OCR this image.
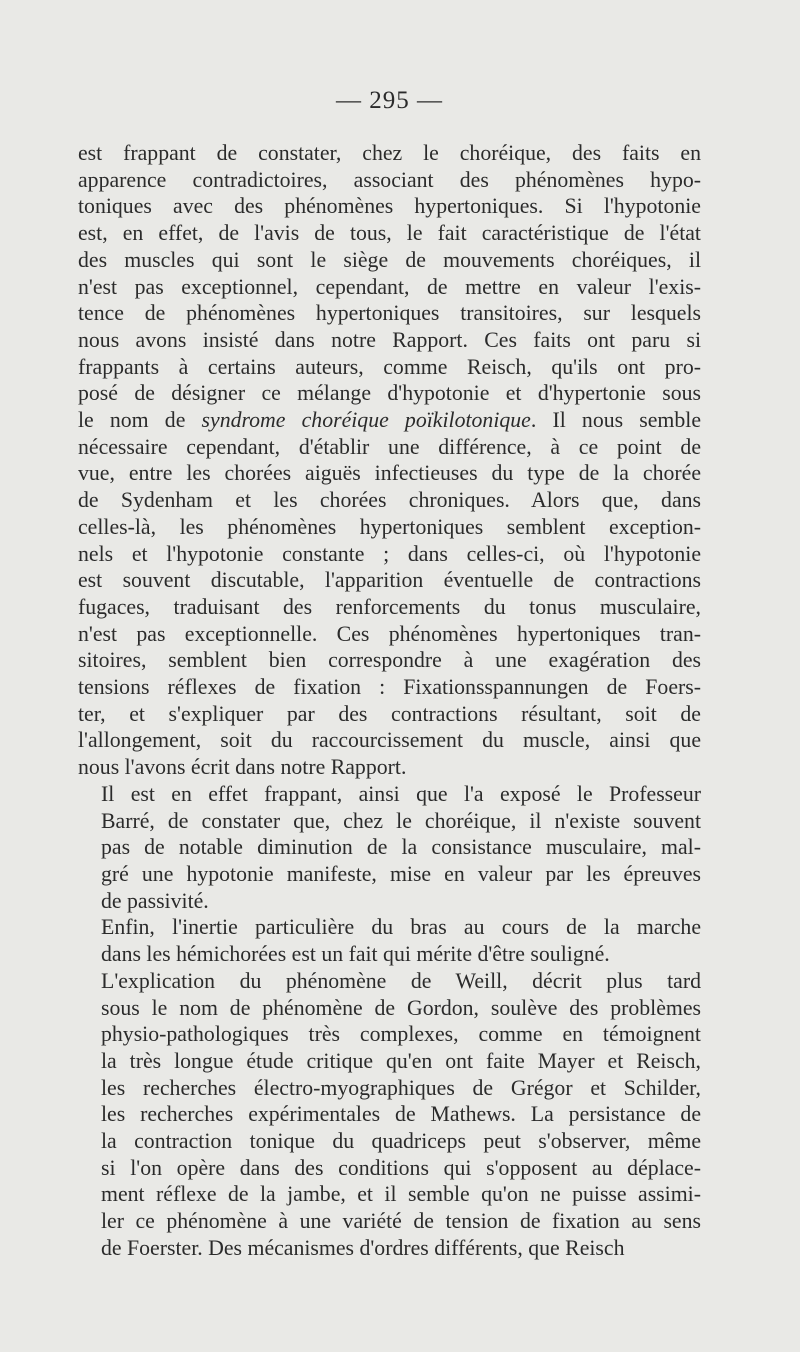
— 295 —

est frappant de constater, chez le choréique, des faits en
apparence contradictoires, associant des phénomènes hypo-
toniques avec des phénomènes hypertoniques. Si l'hypotonie
est, en effet, de l'avis de tous, le fait caractéristique de l'état
des muscles qui sont le siège de mouvements choréiques, il
n'est pas exceptionnel, cependant, de mettre en valeur l'exis-
tence de phénomènes hypertoniques transitoires, sur lesquels
nous avons insisté dans notre Rapport. Ces faits ont paru si
frappants à certains auteurs, comme Reisch, qu'ils ont pro-
posé de désigner ce mélange d'hypotonie et d'hypertonie sous
le nom de syndrome choréique poïkilotonique. Il nous semble
nécessaire cependant, d'établir une différence, à ce point de
vue, entre les chorées aiguës infectieuses du type de la chorée
de Sydenham et les chorées chroniques. Alors que, dans
celles-là, les phénomènes hypertoniques semblent exception-
nels et l'hypotonie constante ; dans celles-ci, où l'hypotonie
est souvent discutable, l'apparition éventuelle de contractions
fugaces, traduisant des renforcements du tonus musculaire,
n'est pas exceptionnelle. Ces phénomènes hypertoniques tran-
sitoires, semblent bien correspondre à une exagération des
tensions réflexes de fixation : Fixationsspannungen de Foers-
ter, et s'expliquer par des contractions résultant, soit de
l'allongement, soit du raccourcissement du muscle, ainsi que
nous l'avons écrit dans notre Rapport.

Il est en effet frappant, ainsi que l'a exposé le Professeur
Barré, de constater que, chez le choréique, il n'existe souvent
pas de notable diminution de la consistance musculaire, mal-
gré une hypotonie manifeste, mise en valeur par les épreuves
de passivité.

Enfin, l'inertie particulière du bras au cours de la marche
dans les hémichorées est un fait qui mérite d'être souligné.

L'explication du phénomène de Weill, décrit plus tard
sous le nom de phénomène de Gordon, soulève des problèmes
physio-pathologiques très complexes, comme en témoignent
la très longue étude critique qu'en ont faite Mayer et Reisch,
les recherches électro-myographiques de Grégor et Schilder,
les recherches expérimentales de Mathews. La persistance de
la contraction tonique du quadriceps peut s'observer, même
si l'on opère dans des conditions qui s'opposent au déplace-
ment réflexe de la jambe, et il semble qu'on ne puisse assimi-
ler ce phénomène à une variété de tension de fixation au sens
de Foerster. Des mécanismes d'ordres différents, que Reisch
